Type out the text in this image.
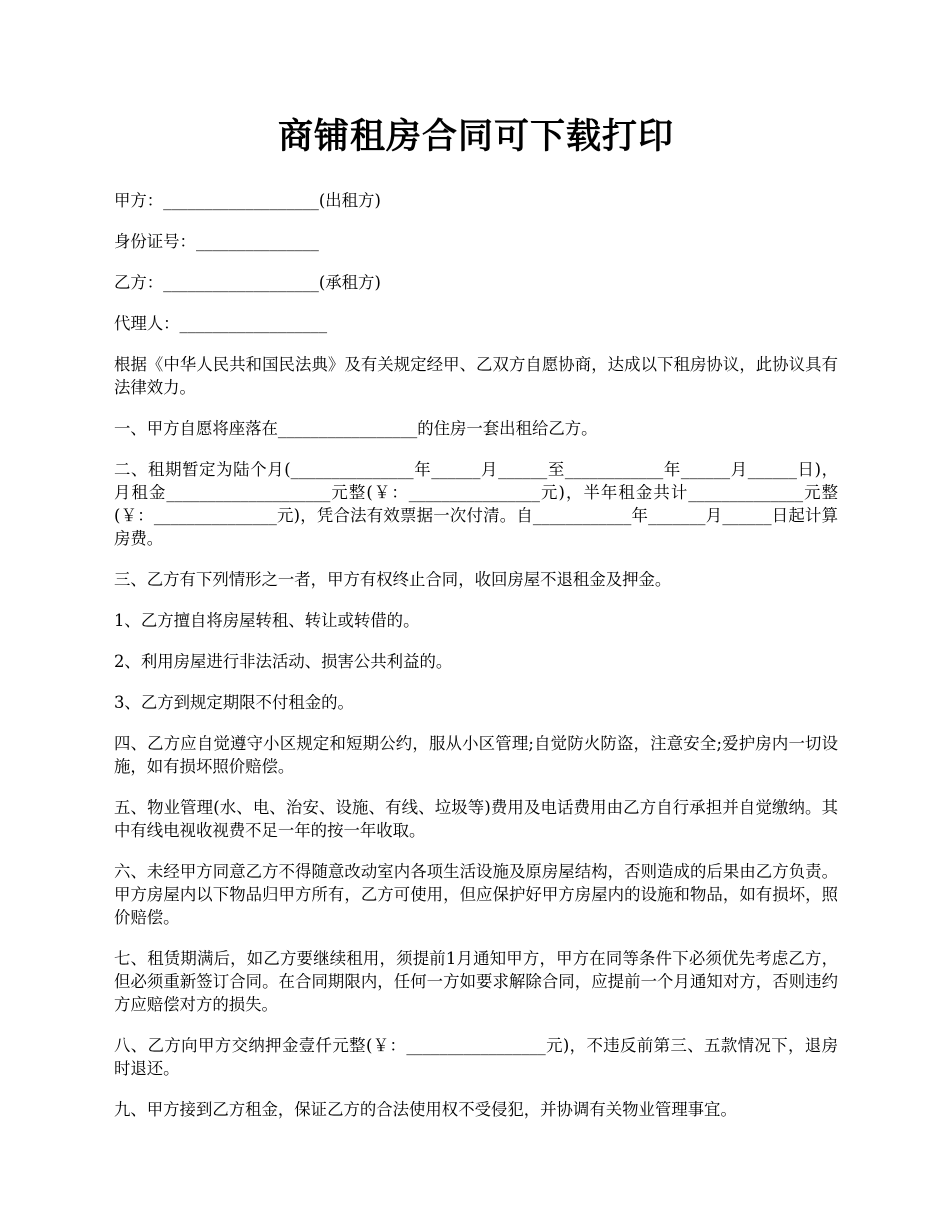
商铺租房合同可下载打印

甲方：___________________(出租方)

身份证号：_______________

乙方：___________________(承租方)

代理人：__________________

根据《中华人民共和国民法典》及有关规定经甲、乙双方自愿协商，达成以下租房协议，此协议具有法律效力。

一、甲方自愿将座落在_________________的住房一套出租给乙方。

二、租期暂定为陆个月(_______________年______月______至____________年______月______日)，月租金____________________元整(￥：________________元)，半年租金共计______________元整(￥：_______________元)，凭合法有效票据一次付清。自____________年_______月______日起计算房费。

三、乙方有下列情形之一者，甲方有权终止合同，收回房屋不退租金及押金。

1、乙方擅自将房屋转租、转让或转借的。

2、利用房屋进行非法活动、损害公共利益的。

3、乙方到规定期限不付租金的。

四、乙方应自觉遵守小区规定和短期公约，服从小区管理;自觉防火防盗，注意安全;爱护房内一切设施，如有损坏照价赔偿。

五、物业管理(水、电、治安、设施、有线、垃圾等)费用及电话费用由乙方自行承担并自觉缴纳。其中有线电视收视费不足一年的按一年收取。

六、未经甲方同意乙方不得随意改动室内各项生活设施及原房屋结构，否则造成的后果由乙方负责。甲方房屋内以下物品归甲方所有，乙方可使用，但应保护好甲方房屋内的设施和物品，如有损坏，照价赔偿。

七、租赁期满后，如乙方要继续租用，须提前1月通知甲方，甲方在同等条件下必须优先考虑乙方，但必须重新签订合同。在合同期限内，任何一方如要求解除合同，应提前一个月通知对方，否则违约方应赔偿对方的损失。

八、乙方向甲方交纳押金壹仟元整(￥：_________________元)，不违反前第三、五款情况下，退房时退还。

九、甲方接到乙方租金，保证乙方的合法使用权不受侵犯，并协调有关物业管理事宜。
